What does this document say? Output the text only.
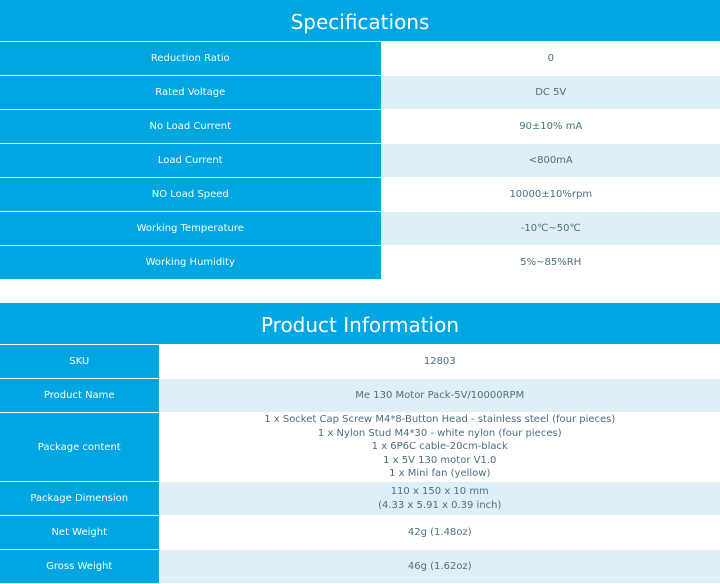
Specifications
Reduction Ratio	0
Rated Voltage	DC 5V
No Load Current	90±10% mA
Load Current	<800mA
NO Load Speed	10000±10%rpm
Working Temperature	-10℃~50℃
Working Humidity	5%~85%RH
Product Information
SKU	12803
Product Name	Me 130 Motor Pack-5V/10000RPM
Package content	1 x Socket Cap Screw M4*8-Button Head - stainless steel (four pieces)
1 x Nylon Stud M4*30 - white nylon (four pieces)
1 x 6P6C cable-20cm-black
1 x 5V 130 motor V1.0
1 x Mini fan (yellow)

Package Dimension	110 x 150 x 10 mm
(4.33 x 5.91 x 0.39 inch)

Net Weight	42g (1.48oz)
Gross Weight	46g (1.62oz)
